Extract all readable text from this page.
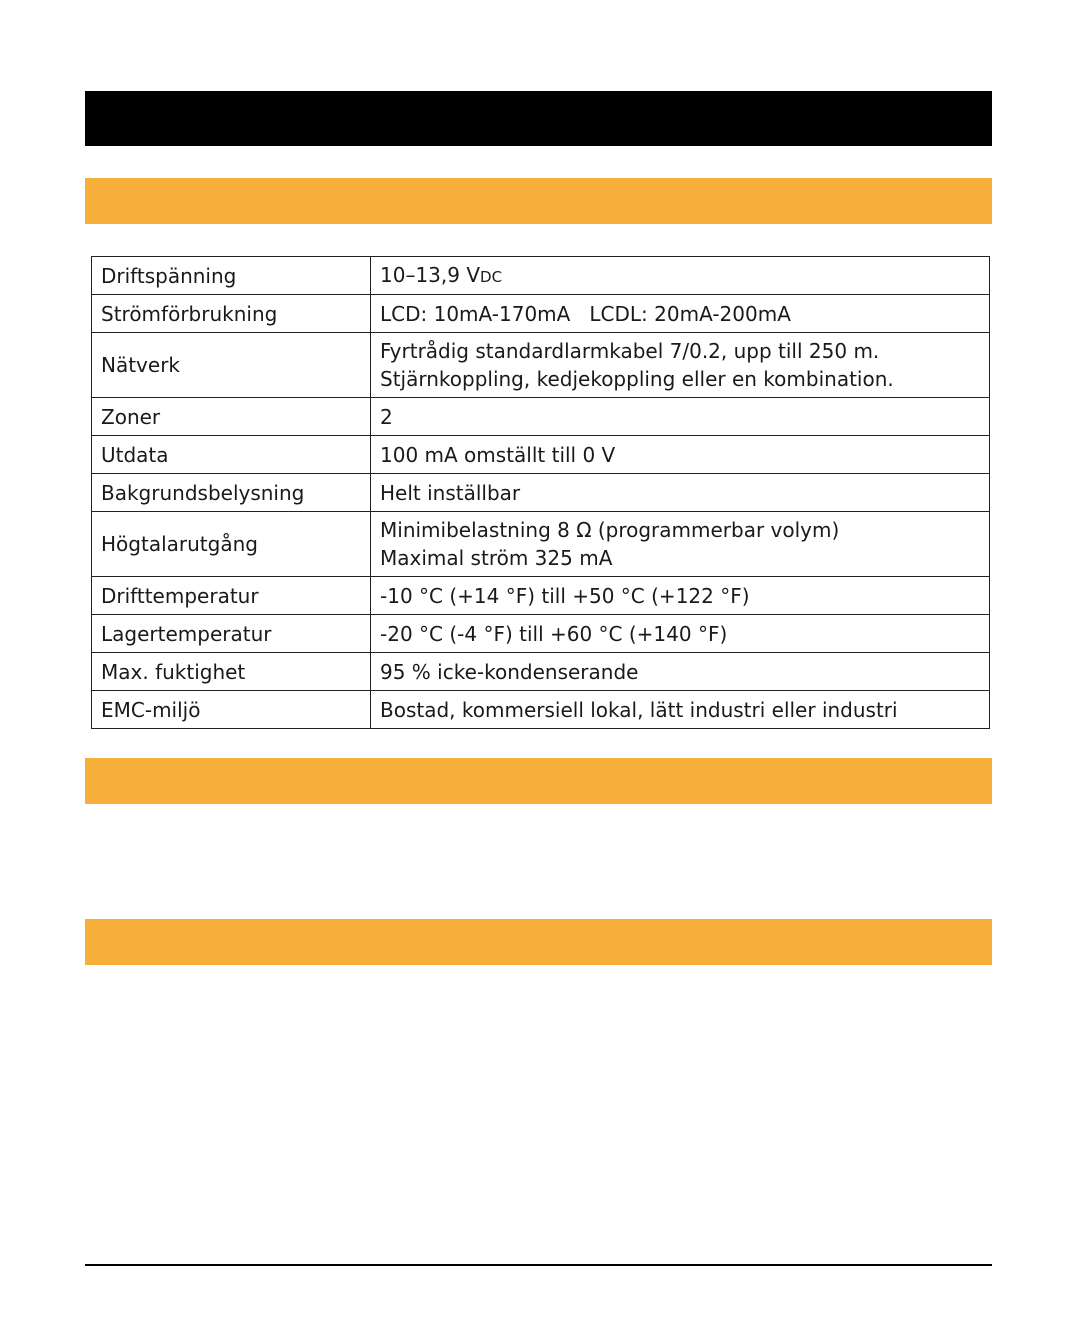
Driftspänning	10–13,9 VDC
Strömförbrukning	LCD: 10mA-170mA   LCDL: 20mA-200mA
Nätverk	Fyrtrådig standardlarmkabel 7/0.2, upp till 250 m.
Stjärnkoppling, kedjekoppling eller en kombination.

Zoner	2
Utdata	100 mA omställt till 0 V
Bakgrundsbelysning	Helt inställbar
Högtalarutgång	Minimibelastning 8 Ω (programmerbar volym)
Maximal ström 325 mA

Drifttemperatur	-10 °C (+14 °F) till +50 °C (+122 °F)
Lagertemperatur	-20 °C (-4 °F) till +60 °C (+140 °F)
Max. fuktighet	95 % icke-kondenserande
EMC-miljö	Bostad, kommersiell lokal, lätt industri eller industri
